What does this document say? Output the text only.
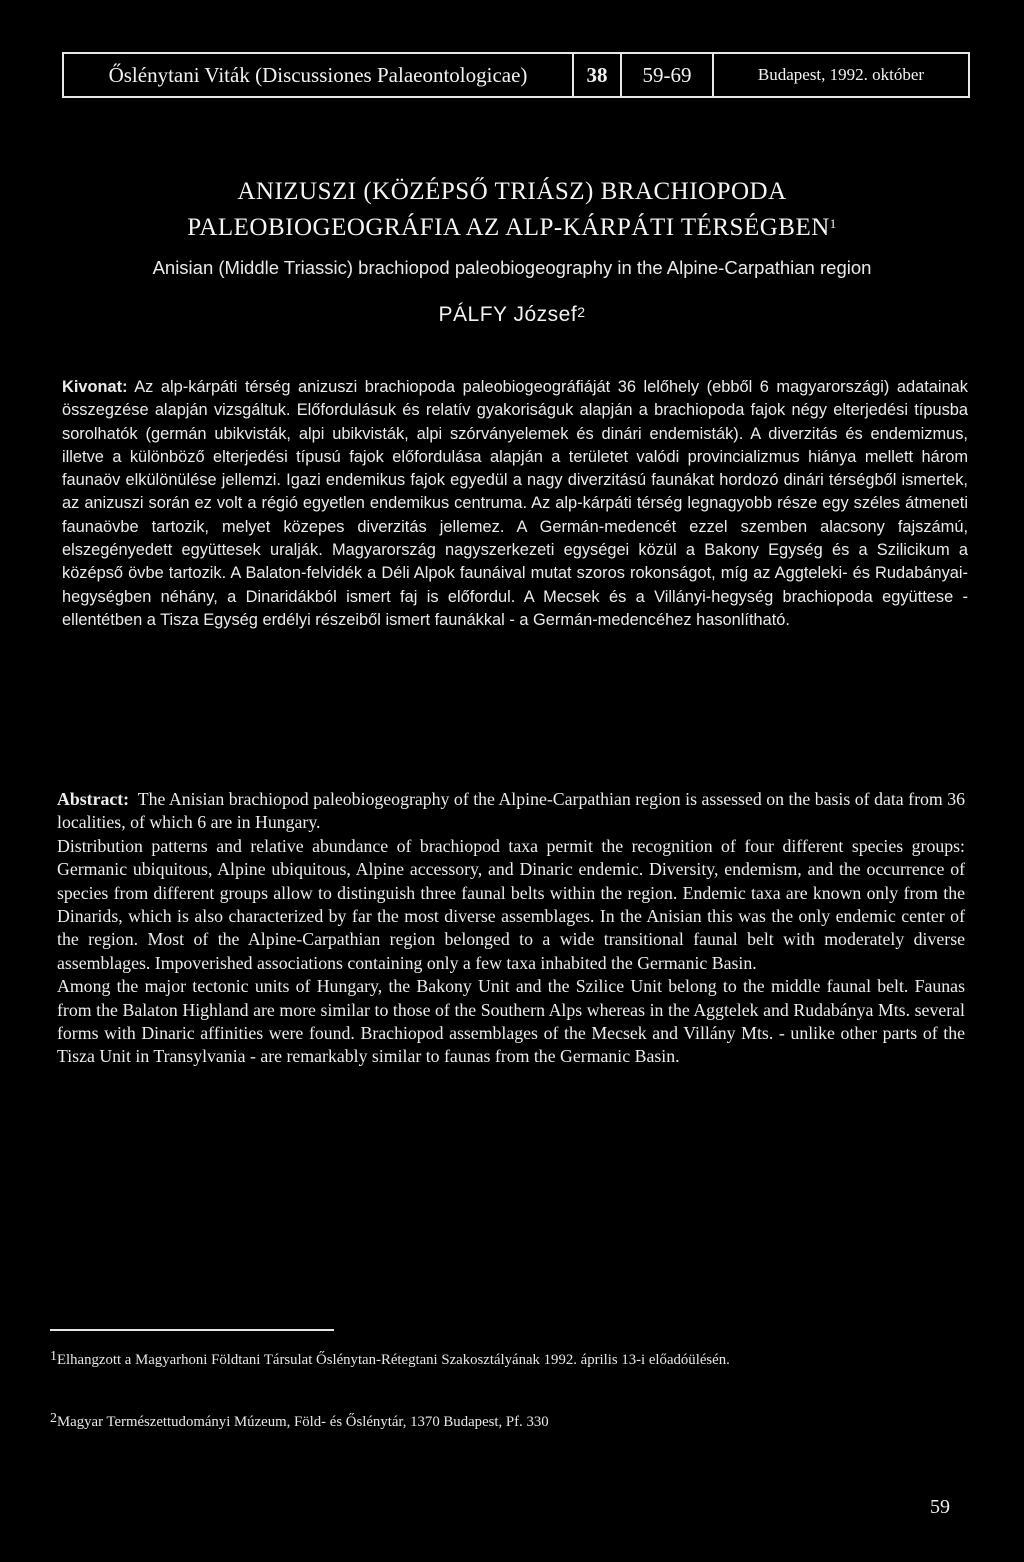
Őslénytani Viták (Discussiones Palaeontologicae)	38	59-69	Budapest, 1992. október
ANIZUSZI (KÖZÉPSŐ TRIÁSZ) BRACHIOPODA
PALEOBIOGEOGRÁFIA AZ ALP-KÁRPÁTI TÉRSÉGBEN$^1$
Anisian (Middle Triassic) brachiopod paleobiogeography in the Alpine-Carpathian region
PÁLFY József$^2$

Kivonat: Az alp-kárpáti térség anizuszi brachiopoda paleobiogeográfiáját 36 lelőhely (ebből 6 magyarországi) adatainak összegzése alapján vizsgáltuk. Előfordulásuk és relatív gyakoriságuk alapján a brachiopoda fajok négy elterjedési típusba sorolhatók (germán ubikvisták, alpi ubikvisták, alpi szórványelemek és dinári endemisták). A diverzitás és endemizmus, illetve a különböző elterjedési típusú fajok előfordulása alapján a területet valódi provincializmus hiánya mellett három faunaöv elkülönülése jellemzi. Igazi endemikus fajok egyedül a nagy diverzitású faunákat hordozó dinári térségből ismertek, az anizuszi során ez volt a régió egyetlen endemikus centruma. Az alp-kárpáti térség legnagyobb része egy széles átmeneti faunaövbe tartozik, melyet közepes diverzitás jellemez. A Germán-medencét ezzel szemben alacsony fajszámú, elszegényedett együttesek uralják. Magyarország nagyszerkezeti egységei közül a Bakony Egység és a Szilicikum a középső övbe tartozik. A Balaton-felvidék a Déli Alpok faunáival mutat szoros rokonságot, míg az Aggteleki- és Rudabányai-hegységben néhány, a Dinaridákból ismert faj is előfordul. A Mecsek és a Villányi-hegység brachiopoda együttese - ellentétben a Tisza Egység erdélyi részeiből ismert faunákkal - a Germán-medencéhez hasonlítható.

Abstract: The Anisian brachiopod paleobiogeography of the Alpine-Carpathian region is assessed on the basis of data from 36 localities, of which 6 are in Hungary.

Distribution patterns and relative abundance of brachiopod taxa permit the recognition of four different species groups: Germanic ubiquitous, Alpine ubiquitous, Alpine accessory, and Dinaric endemic. Diversity, endemism, and the occurrence of species from different groups allow to distinguish three faunal belts within the region. Endemic taxa are known only from the Dinarids, which is also characterized by far the most diverse assemblages. In the Anisian this was the only endemic center of the region. Most of the Alpine-Carpathian region belonged to a wide transitional faunal belt with moderately diverse assemblages. Impoverished associations containing only a few taxa inhabited the Germanic Basin.

Among the major tectonic units of Hungary, the Bakony Unit and the Szilice Unit belong to the middle faunal belt. Faunas from the Balaton Highland are more similar to those of the Southern Alps whereas in the Aggtelek and Rudabánya Mts. several forms with Dinaric affinities were found. Brachiopod assemblages of the Mecsek and Villány Mts. - unlike other parts of the Tisza Unit in Transylvania - are remarkably similar to faunas from the Germanic Basin.

$^1$Elhangzott a Magyarhoni Földtani Társulat Őslénytan-Rétegtani Szakosztályának 1992. április 13-i előadóülésén.
$^2$Magyar Természettudományi Múzeum, Föld- és Őslénytár, 1370 Budapest, Pf. 330
59
